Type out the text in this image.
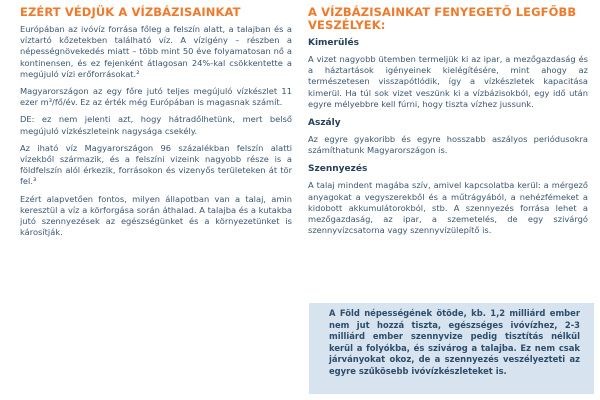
EZÉRT VÉDJÜK A VÍZBÁZISAINKAT

Európában az ivóvíz forrása főleg a felszín alatt, a talajban és a víztartó kőzetekben található víz. A vízigény – részben a népességnövekedés miatt – több mint 50 éve folyamatosan nő a kontinensen, és ez fejenként átlagosan 24%-kal csökkentette a megújuló vízi erőforrásokat.²

Magyarországon az egy főre jutó teljes megújuló vízkészlet 11 ezer m³/fő/év. Ez az érték még Európában is magasnak számít.

DE: ez nem jelenti azt, hogy hátradőlhetünk, mert belső megújuló vízkészleteink nagysága csekély.

Az iható víz Magyarországon 96 százalékban felszín alatti vízekből származik, és a felszíni vizeink nagyobb része is a földfelszín alól érkezik, forrásokon és vizenyős területeken át tör fel.³

Ezért alapvetően fontos, milyen állapotban van a talaj, amin keresztül a víz a körforgása során áthalad. A talajba és a kutakba jutó szennyezések az egészségünket és a környezetünket is károsítják.

A VÍZBÁZISAINKAT FENYEGETŐ LEGFŐBB VESZÉLYEK:
Kimerülés

A vizet nagyobb ütemben termeljük ki az ipar, a mezőgazdaság és a háztartások igényeinek kielégítésére, mint ahogy az természetesen visszapótlódik, így a vízkészletek kapacitása kimerül. Ha túl sok vizet veszünk ki a vízbázisokból, egy idő után egyre mélyebbre kell fúrni, hogy tiszta vízhez jussunk.

Aszály

Az egyre gyakoribb és egyre hosszabb aszályos periódusokra számíthatunk Magyarországon is.

Szennyezés

A talaj mindent magába szív, amivel kapcsolatba kerül: a mérgező anyagokat a vegyszerekből és a műtrágyából, a nehézfémeket a kidobott akkumulátorokból, stb. A szennyezés forrása lehet a mezőgazdaság, az ipar, a szemetelés, de egy szivárgó szennyvízcsatorna vagy szennyvízülepítő is.

A Föld népességének ötöde, kb. 1,2 milliárd ember nem jut hozzá tiszta, egészséges ivóvízhez, 2-3 milliárd ember szennyvize pedig tisztítás nélkül kerül a folyókba, és szivárog a talajba. Ez nem csak járványokat okoz, de a szennyezés veszélyezteti az egyre szűkösebb ivóvízkészleteket is.
